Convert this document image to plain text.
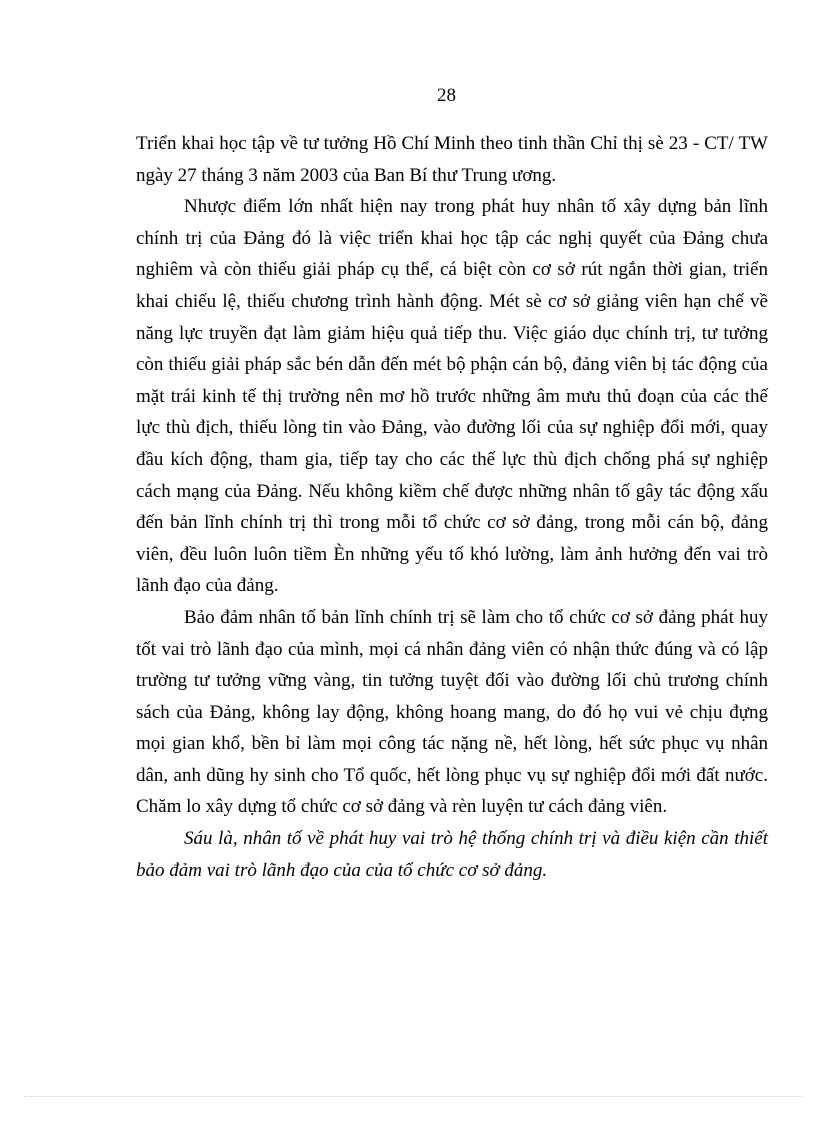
28

Triển khai học tập về tư tưởng Hồ Chí Minh theo tinh thần Chỉ thị sè 23 - CT/ TW ngày 27 tháng 3 năm 2003 của Ban Bí thư Trung ương.

Nhược điểm lớn nhất hiện nay trong phát huy nhân tố xây dựng bản lĩnh chính trị của Đảng đó là việc triển khai học tập các nghị quyết của Đảng chưa nghiêm và còn thiếu giải pháp cụ thể, cá biệt còn cơ sở rút ngắn thời gian, triển khai chiếu lệ, thiếu chương trình hành động. Mét sè cơ sở giảng viên hạn chế về năng lực truyền đạt làm giảm hiệu quả tiếp thu. Việc giáo dục chính trị, tư tưởng còn thiếu giải pháp sắc bén dẫn đến mét bộ phận cán bộ, đảng viên bị tác động của mặt trái kinh tế thị trường nên mơ hồ trước những âm mưu thủ đoạn của các thế lực thù địch, thiếu lòng tin vào Đảng, vào đường lối của sự nghiệp đổi mới, quay đầu kích động, tham gia, tiếp tay cho các thế lực thù địch chống phá sự nghiệp cách mạng của Đảng. Nếu không kiềm chế được những nhân tố gây tác động xấu đến bản lĩnh chính trị thì trong mỗi tổ chức cơ sở đảng, trong mỗi cán bộ, đảng viên, đều luôn luôn tiềm Èn những yếu tố khó lường, làm ảnh hưởng đến vai trò lãnh đạo của đảng.

Bảo đảm nhân tố bản lĩnh chính trị sẽ làm cho tổ chức cơ sở đảng phát huy tốt vai trò lãnh đạo của mình, mọi cá nhân đảng viên có nhận thức đúng và có lập trường tư tưởng vững vàng, tin tưởng tuyệt đối vào đường lối chủ trương chính sách của Đảng, không lay động, không hoang mang, do đó họ vui vẻ chịu đựng mọi gian khổ, bền bỉ làm mọi công tác nặng nề, hết lòng, hết sức phục vụ nhân dân, anh dũng hy sinh cho Tổ quốc, hết lòng phục vụ sự nghiệp đổi mới đất nước. Chăm lo xây dựng tổ chức cơ sở đảng và rèn luyện tư cách đảng viên.

Sáu là, nhân tố về phát huy vai trò hệ thống chính trị và điều kiện cần thiết bảo đảm vai trò lãnh đạo của của tổ chức cơ sở đảng.
